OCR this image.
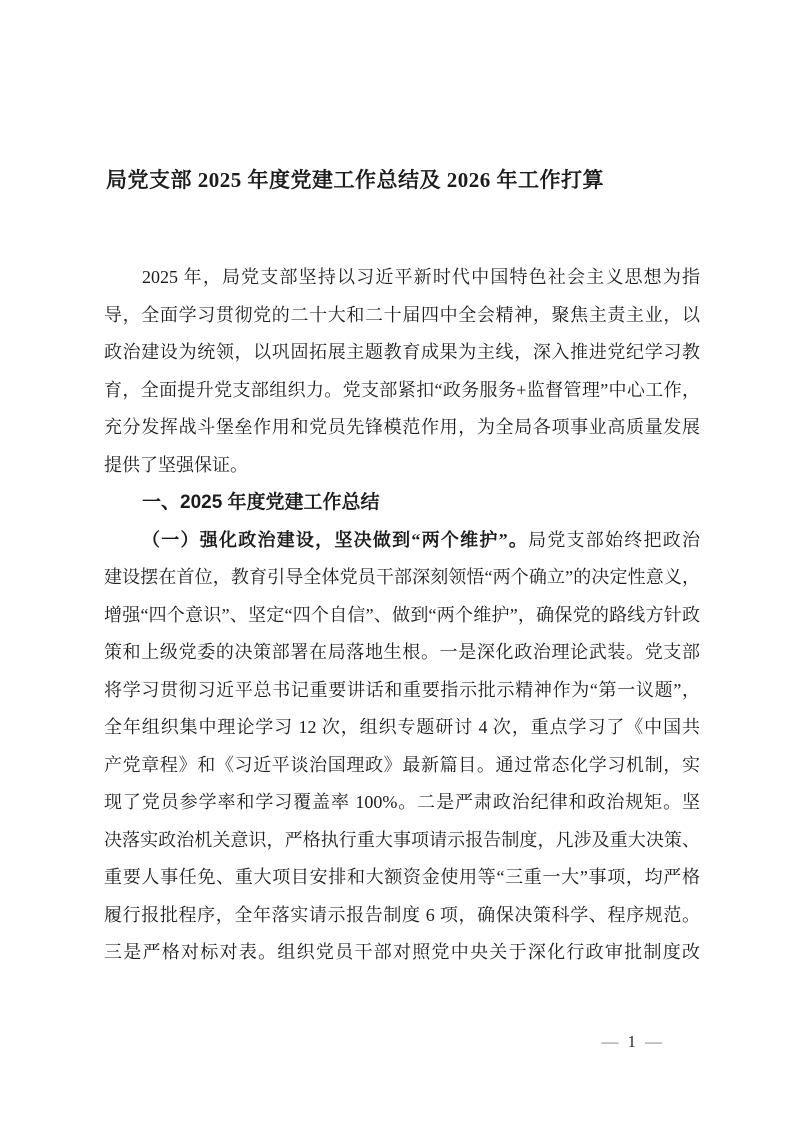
局党支部 2025 年度党建工作总结及 2026 年工作打算
2025 年，局党支部坚持以习近平新时代中国特色社会主义思想为指
导，全面学习贯彻党的二十大和二十届四中全会精神，聚焦主责主业，以
政治建设为统领，以巩固拓展主题教育成果为主线，深入推进党纪学习教
育，全面提升党支部组织力。党支部紧扣“政务服务+监督管理”中心工作，
充分发挥战斗堡垒作用和党员先锋模范作用，为全局各项事业高质量发展
提供了坚强保证。
一、2025 年度党建工作总结
（一）强化政治建设，坚决做到“两个维护”。局党支部始终把政治
建设摆在首位，教育引导全体党员干部深刻领悟“两个确立”的决定性意义，
增强“四个意识”、坚定“四个自信”、做到“两个维护”，确保党的路线方针政
策和上级党委的决策部署在局落地生根。一是深化政治理论武装。党支部
将学习贯彻习近平总书记重要讲话和重要指示批示精神作为“第一议题”，
全年组织集中理论学习 12 次，组织专题研讨 4 次，重点学习了《中国共
产党章程》和《习近平谈治国理政》最新篇目。通过常态化学习机制，实
现了党员参学率和学习覆盖率 100%。二是严肃政治纪律和政治规矩。坚
决落实政治机关意识，严格执行重大事项请示报告制度，凡涉及重大决策、
重要人事任免、重大项目安排和大额资金使用等“三重一大”事项，均严格
履行报批程序，全年落实请示报告制度 6 项，确保决策科学、程序规范。
三是严格对标对表。组织党员干部对照党中央关于深化行政审批制度改
— 1 —
